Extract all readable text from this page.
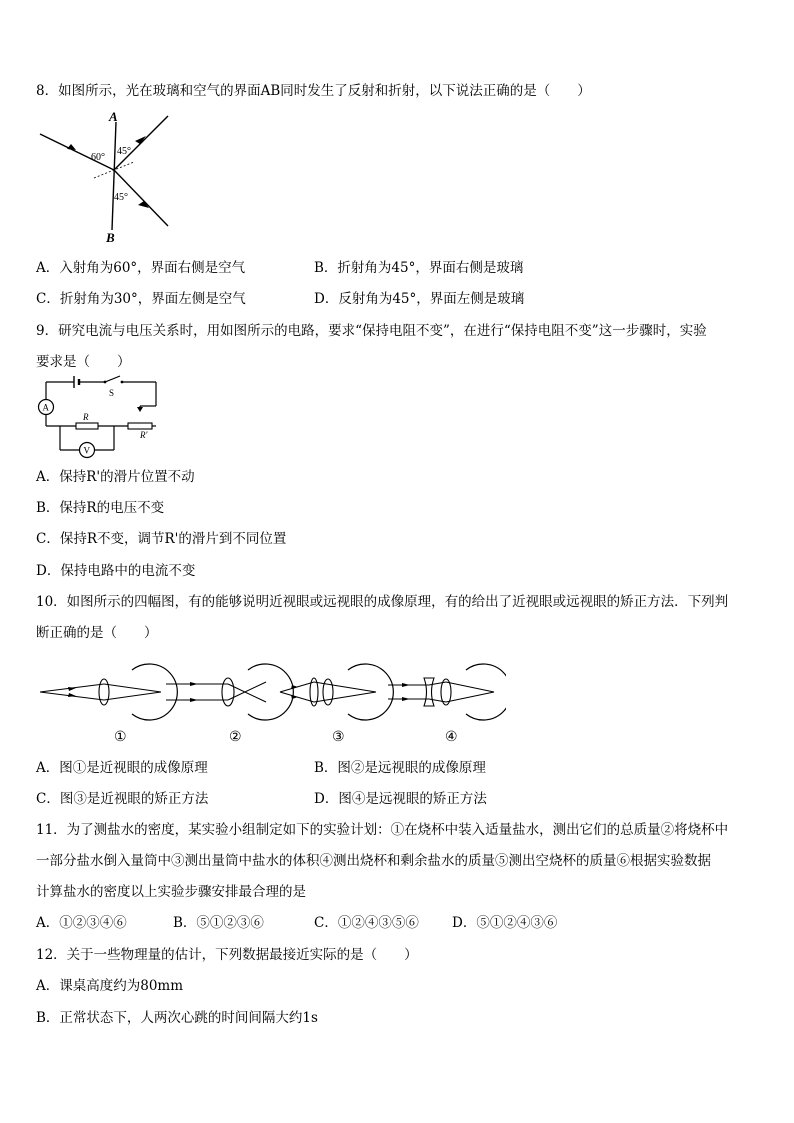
8．如图所示，光在玻璃和空气的界面AB同时发生了反射和折射，以下说法正确的是（　　）
A
B
60°
45°
45°
A．入射角为60°，界面右侧是空气	B．折射角为45°，界面右侧是玻璃
C．折射角为30°，界面左侧是空气	D．反射角为45°，界面左侧是玻璃
9．研究电流与电压关系时，用如图所示的电路，要求“保持电阻不变”，在进行“保持电阻不变”这一步骤时，实验
要求是（　　）
S
A
R
R′
V
A．保持R'的滑片位置不动
B．保持R的电压不变
C．保持R不变，调节R'的滑片到不同位置
D．保持电路中的电流不变
10．如图所示的四幅图，有的能够说明近视眼或远视眼的成像原理，有的给出了近视眼或远视眼的矫正方法．下列判
断正确的是（　　）
①	②	③	④
A．图①是近视眼的成像原理	B．图②是远视眼的成像原理
C．图③是近视眼的矫正方法	D．图④是远视眼的矫正方法
11．为了测盐水的密度，某实验小组制定如下的实验计划：①在烧杯中装入适量盐水，测出它们的总质量②将烧杯中
一部分盐水倒入量筒中③测出量筒中盐水的体积④测出烧杯和剩余盐水的质量⑤测出空烧杯的质量⑥根据实验数据
计算盐水的密度以上实验步骤安排最合理的是
A．①②③④⑥	B．⑤①②③⑥	C．①②④③⑤⑥ D．⑤①②④③⑥
12．关于一些物理量的估计，下列数据最接近实际的是（　　）
A．课桌高度约为80mm
B．正常状态下，人两次心跳的时间间隔大约1s
